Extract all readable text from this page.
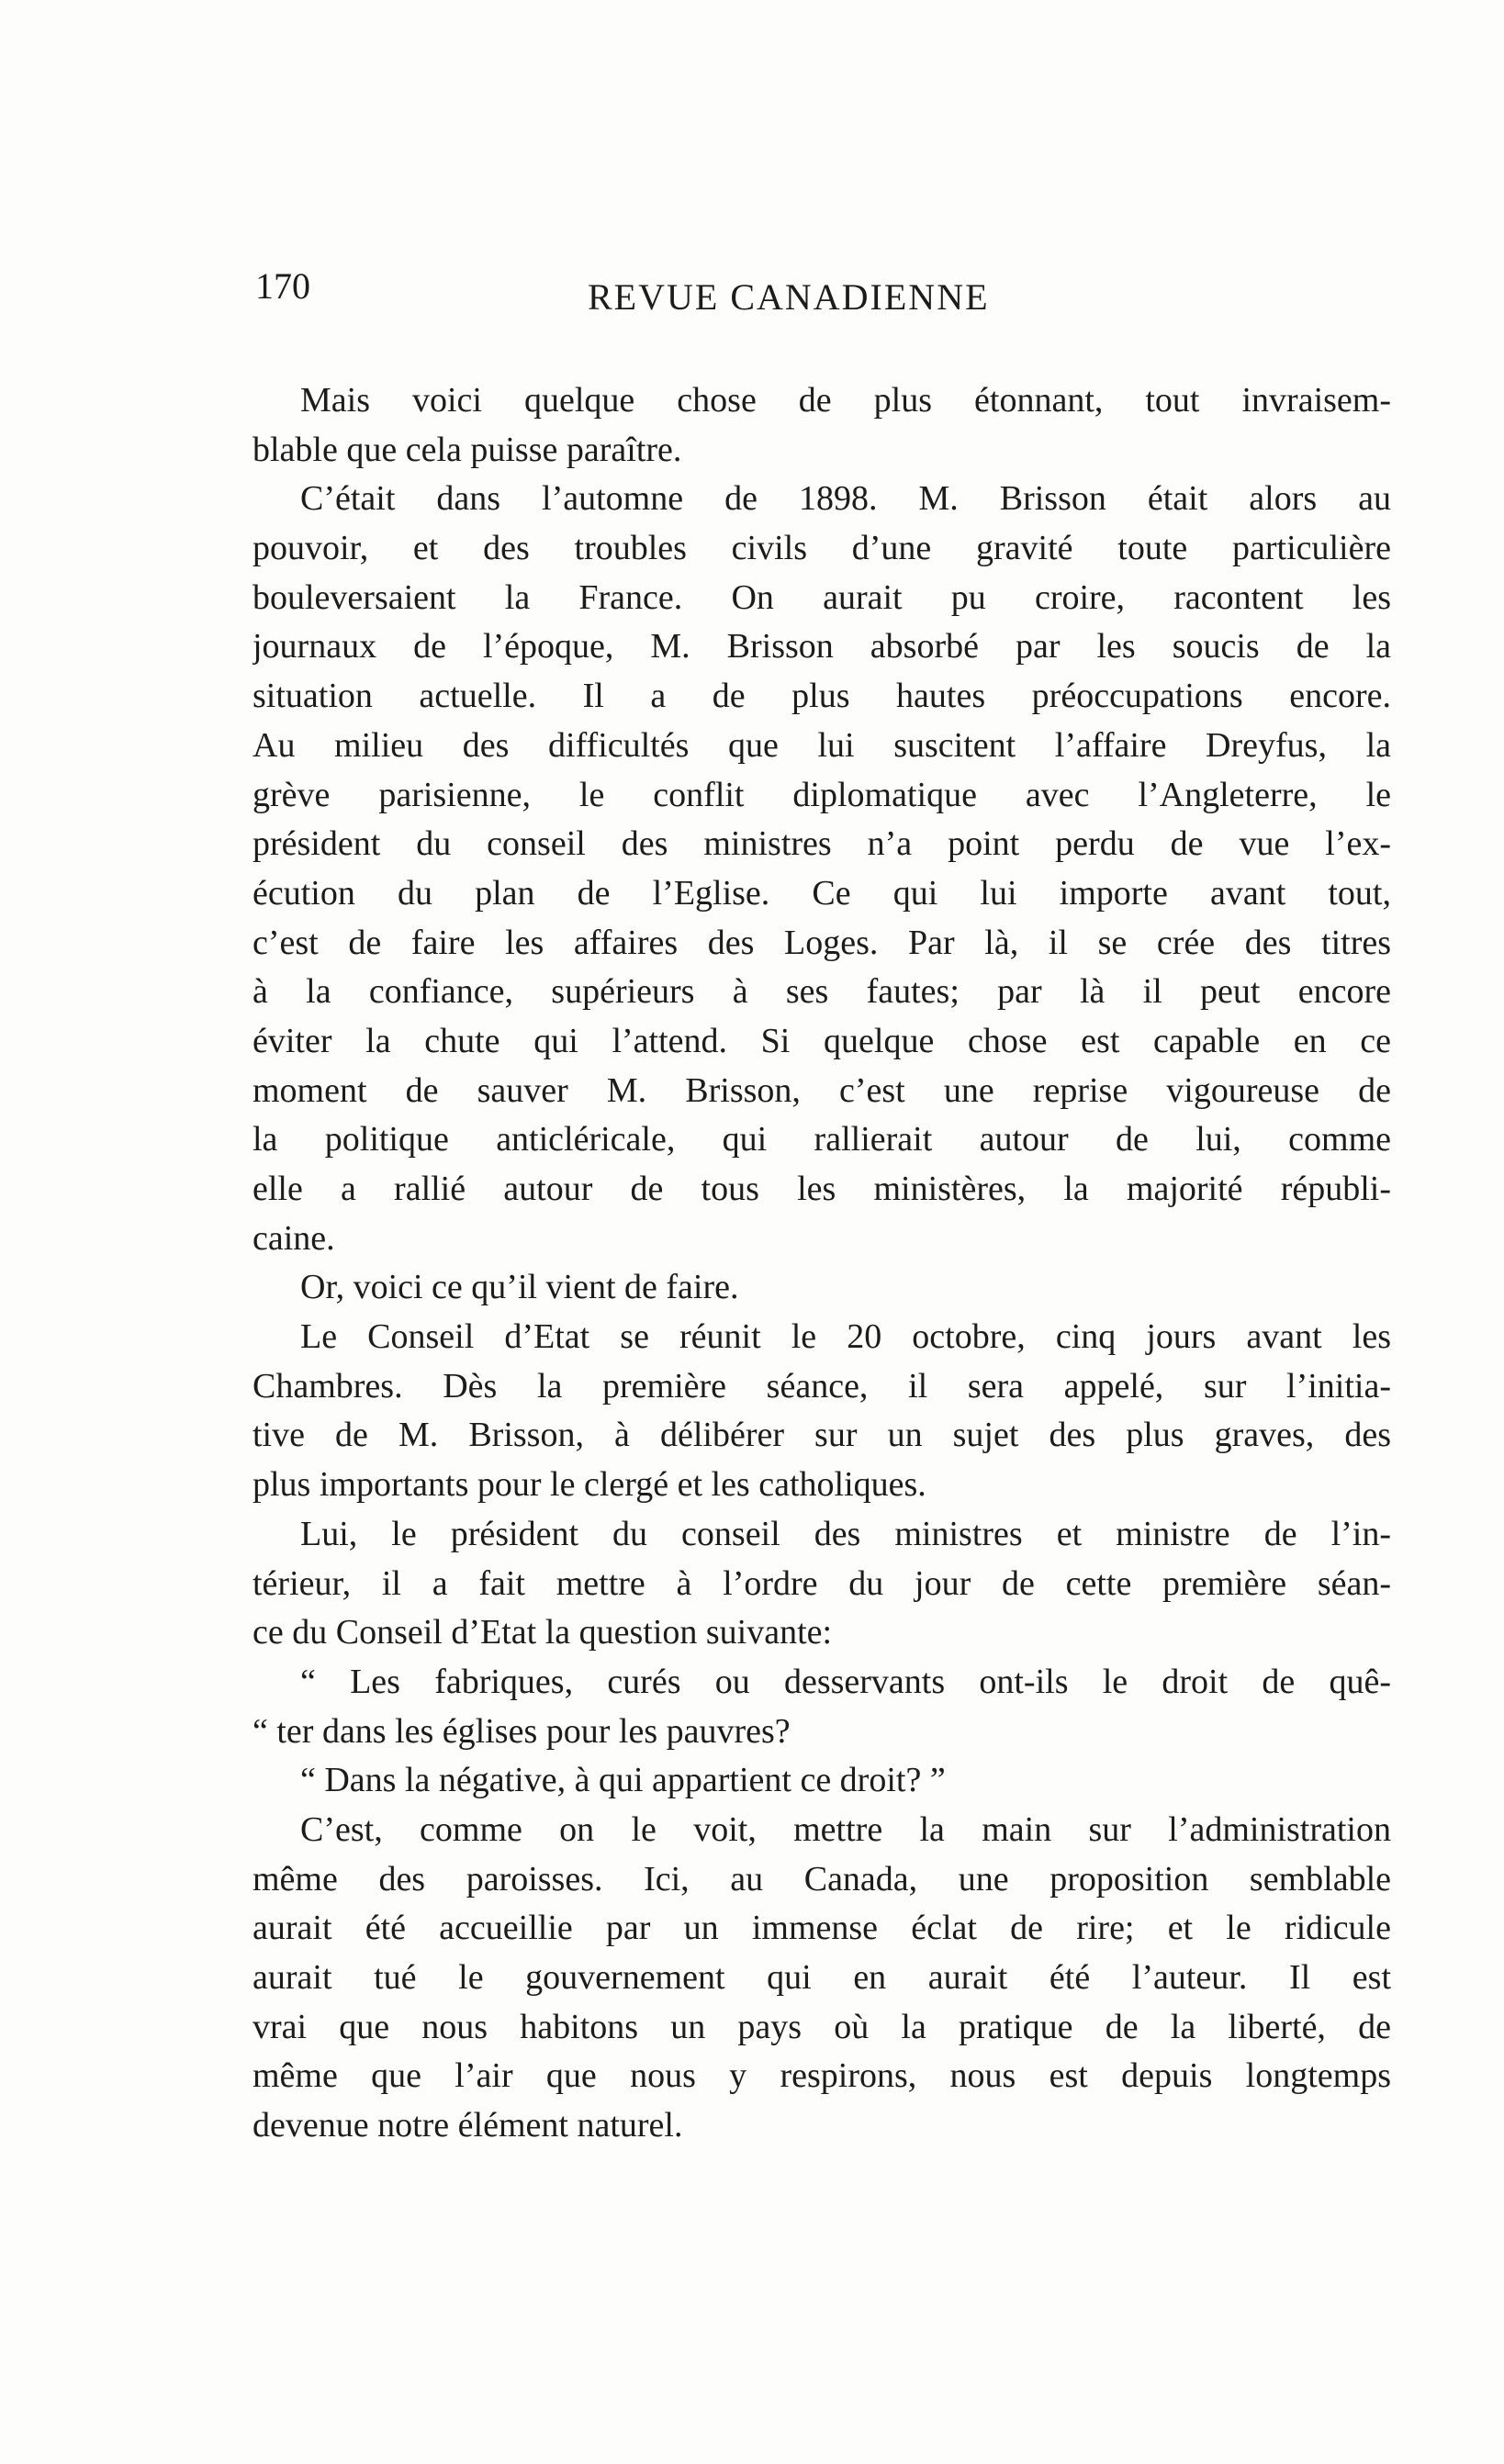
170	REVUE CANADIENNE
Mais voici quelque chose de plus étonnant, tout invraisem-
blable que cela puisse paraître.
C’était dans l’automne de 1898. M. Brisson était alors au
pouvoir, et des troubles civils d’une gravité toute particulière
bouleversaient la France. On aurait pu croire, racontent les
journaux de l’époque, M. Brisson absorbé par les soucis de la
situation actuelle. Il a de plus hautes préoccupations encore.
Au milieu des difficultés que lui suscitent l’affaire Dreyfus, la
grève parisienne, le conflit diplomatique avec l’Angleterre, le
président du conseil des ministres n’a point perdu de vue l’ex-
écution du plan de l’Eglise. Ce qui lui importe avant tout,
c’est de faire les affaires des Loges. Par là, il se crée des titres
à la confiance, supérieurs à ses fautes; par là il peut encore
éviter la chute qui l’attend. Si quelque chose est capable en ce
moment de sauver M. Brisson, c’est une reprise vigoureuse de
la politique anticléricale, qui rallierait autour de lui, comme
elle a rallié autour de tous les ministères, la majorité républi-
caine.
Or, voici ce qu’il vient de faire.
Le Conseil d’Etat se réunit le 20 octobre, cinq jours avant les
Chambres. Dès la première séance, il sera appelé, sur l’initia-
tive de M. Brisson, à délibérer sur un sujet des plus graves, des
plus importants pour le clergé et les catholiques.
Lui, le président du conseil des ministres et ministre de l’in-
térieur, il a fait mettre à l’ordre du jour de cette première séan-
ce du Conseil d’Etat la question suivante:
“ Les fabriques, curés ou desservants ont-ils le droit de quê-
“ ter dans les églises pour les pauvres?
“ Dans la négative, à qui appartient ce droit? ”
C’est, comme on le voit, mettre la main sur l’administration
même des paroisses. Ici, au Canada, une proposition semblable
aurait été accueillie par un immense éclat de rire; et le ridicule
aurait tué le gouvernement qui en aurait été l’auteur. Il est
vrai que nous habitons un pays où la pratique de la liberté, de
même que l’air que nous y respirons, nous est depuis longtemps
devenue notre élément naturel.
